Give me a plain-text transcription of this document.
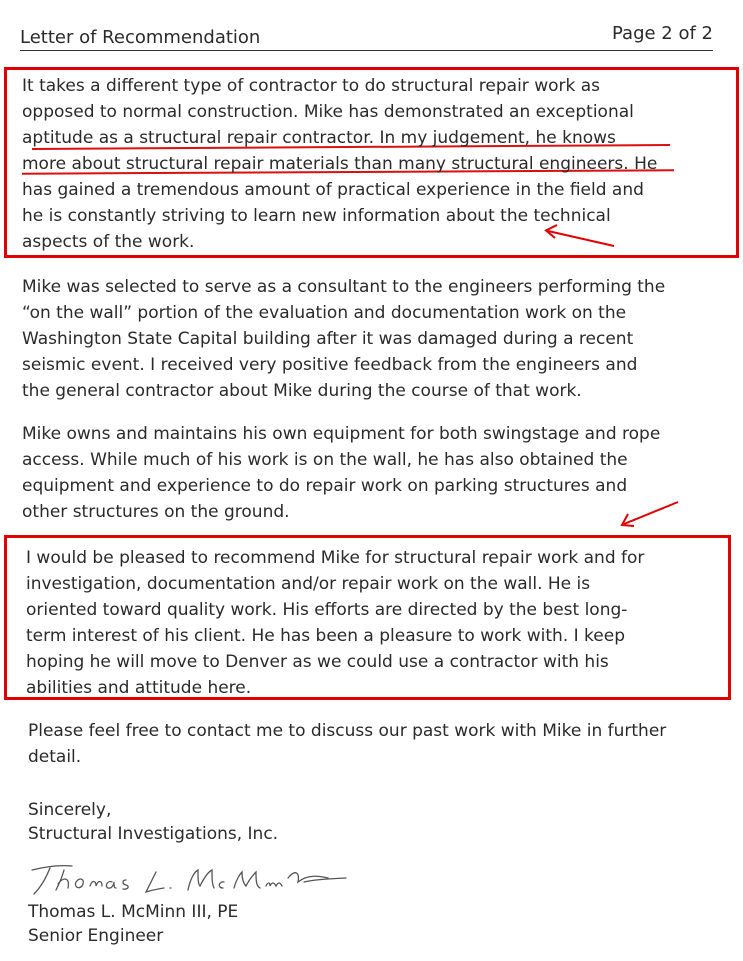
Letter of Recommendation	Page 2 of 2
It takes a different type of contractor to do structural repair work as
opposed to normal construction. Mike has demonstrated an exceptional
aptitude as a structural repair contractor. In my judgement, he knows
more about structural repair materials than many structural engineers. He
has gained a tremendous amount of practical experience in the field and
he is constantly striving to learn new information about the technical
aspects of the work.
Mike was selected to serve as a consultant to the engineers performing the
“on the wall” portion of the evaluation and documentation work on the
Washington State Capital building after it was damaged during a recent
seismic event. I received very positive feedback from the engineers and
the general contractor about Mike during the course of that work.
Mike owns and maintains his own equipment for both swingstage and rope
access. While much of his work is on the wall, he has also obtained the
equipment and experience to do repair work on parking structures and
other structures on the ground.
I would be pleased to recommend Mike for structural repair work and for
investigation, documentation and/or repair work on the wall. He is
oriented toward quality work. His efforts are directed by the best long-
term interest of his client. He has been a pleasure to work with. I keep
hoping he will move to Denver as we could use a contractor with his
abilities and attitude here.
Please feel free to contact me to discuss our past work with Mike in further
detail.
Sincerely,
Structural Investigations, Inc.
Thomas L. McMinn III, PE
Senior Engineer
